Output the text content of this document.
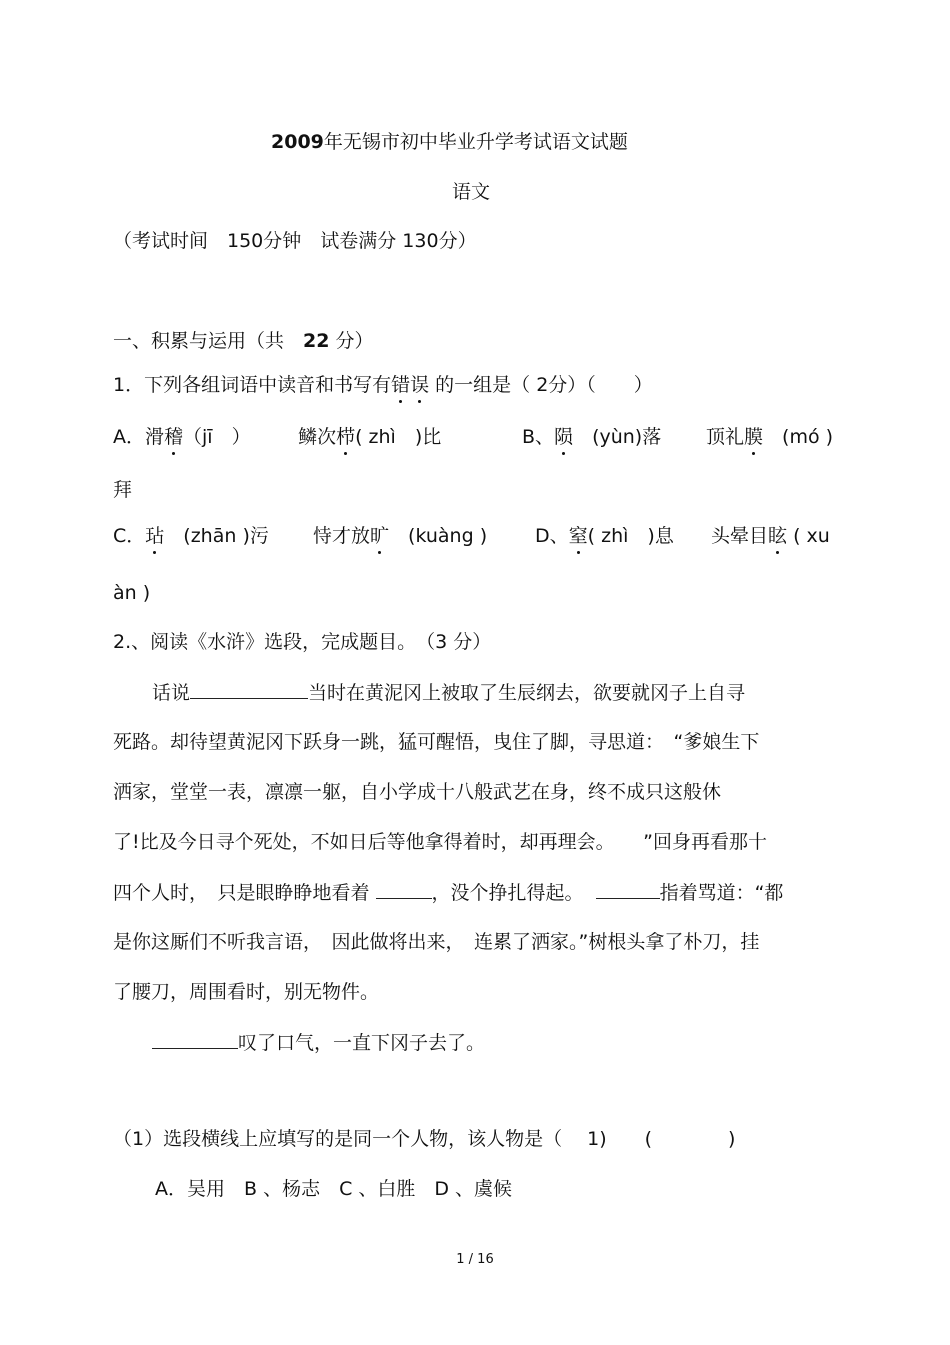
2009年无锡市初中毕业升学考试语文试题
语文
（考试时间　150分钟　试卷满分 130分）
一、积累与运用（共　22 分）
1．下列各组词语中读音和书写有错误 的一组是（ 2分）（　　）
A．滑稽（jī　）　　　鳞次栉( zhì　)比	B、陨　(yùn)落 顶礼膜　(mó )
拜
C．玷　(zhān )污 恃才放旷　(kuàng )	D、窒( zhì　)息 头晕目眩 ( xu
àn )
2.、阅读《水浒》选段，完成题目。　（3 分）
话说	当时在黄泥冈上被取了生辰纲去，欲要就冈子上自寻
死路。却待望黄泥冈下跃身一跳，猛可醒悟，曳住了脚，寻思道：　“爹娘生下
洒家，堂堂一表，凛凛一躯，自小学成十八般武艺在身，终不成只这般休
了!比及今日寻个死处，不如日后等他拿得着时，却再理会。　　”回身再看那十
四个人时，　只是眼睁睁地看着	，没个挣扎得起。	指着骂道：“都
是你这厮们不听我言语，　因此做将出来，　连累了洒家。”树根头拿了朴刀，挂
了腰刀，周围看时，别无物件。
叹了口气，一直下冈子去了。
（1）选段横线上应填写的是同一个人物，该人物是（　 1)　　(　　　　)
A．吴用　B 、杨志　C 、白胜　D 、虞候
1 / 16
